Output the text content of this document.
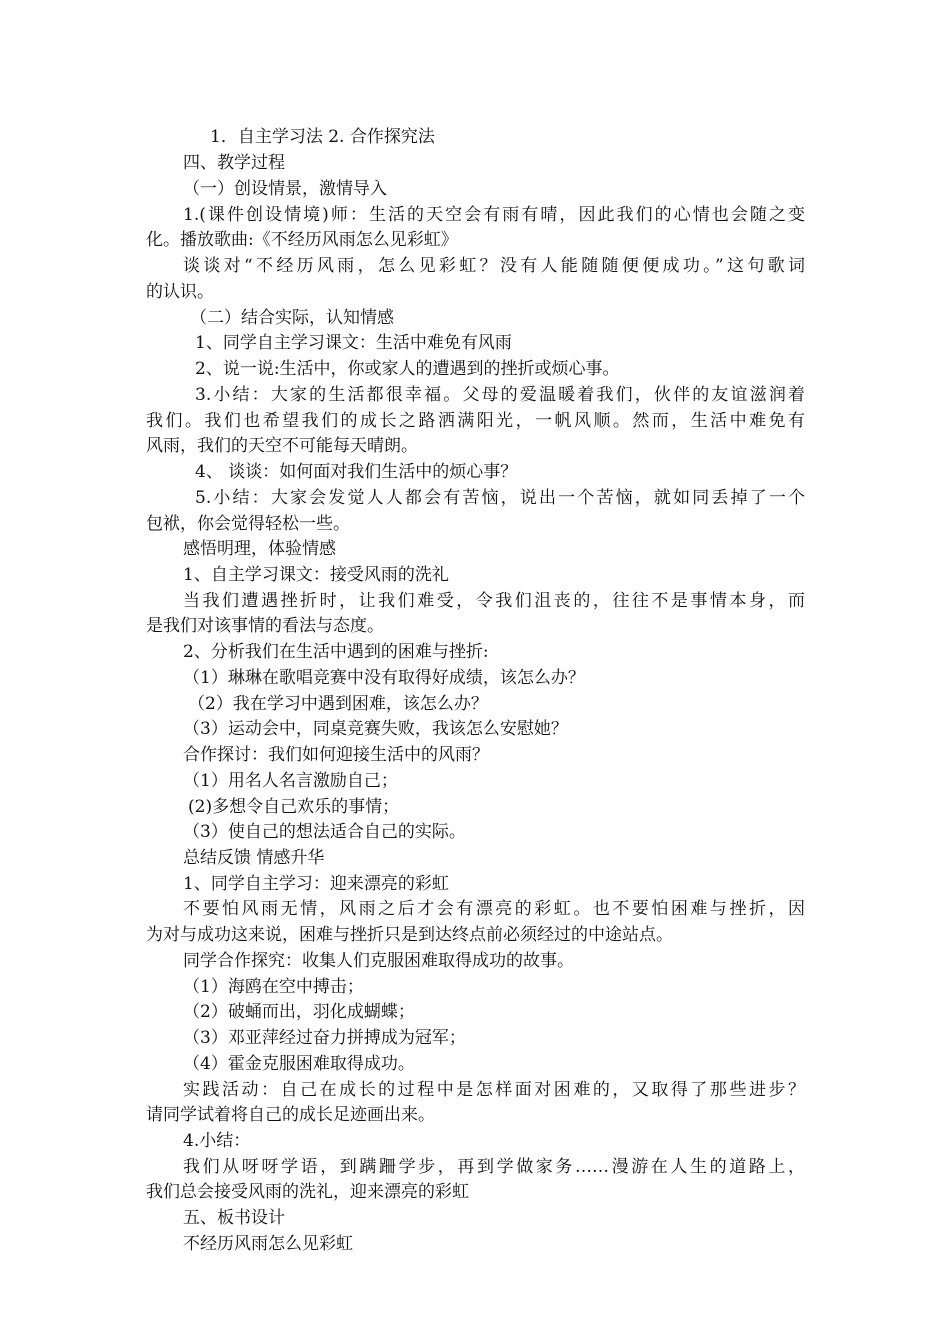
1．自主学习法 2. 合作探究法
四、教学过程
（一）创设情景，激情导入
1.(课件创设情境)师：生活的天空会有雨有晴，因此我们的心情也会随之变
化。播放歌曲:《不经历风雨怎么见彩虹》
谈谈对“不经历风雨，怎么见彩虹？没有人能随随便便成功。”这句歌词
的认识。
（二）结合实际，认知情感
1、同学自主学习课文：生活中难免有风雨
2、说一说:生活中，你或家人的遭遇到的挫折或烦心事。
3.小结：大家的生活都很幸福。父母的爱温暖着我们，伙伴的友谊滋润着
我们。我们也希望我们的成长之路洒满阳光，一帆风顺。然而，生活中难免有
风雨，我们的天空不可能每天晴朗。
4、 谈谈：如何面对我们生活中的烦心事？
5.小结：大家会发觉人人都会有苦恼，说出一个苦恼，就如同丢掉了一个
包袱，你会觉得轻松一些。
感悟明理，体验情感
1、自主学习课文：接受风雨的洗礼
当我们遭遇挫折时，让我们难受，令我们沮丧的，往往不是事情本身，而
是我们对该事情的看法与态度。
2、分析我们在生活中遇到的困难与挫折:
（1）琳琳在歌唱竞赛中没有取得好成绩，该怎么办？
（2）我在学习中遇到困难，该怎么办？
（3）运动会中，同桌竞赛失败，我该怎么安慰她？
合作探讨：我们如何迎接生活中的风雨？
（1）用名人名言激励自己；
(2)多想令自己欢乐的事情；
（3）使自己的想法适合自己的实际。
总结反馈 情感升华
1、同学自主学习：迎来漂亮的彩虹
不要怕风雨无情，风雨之后才会有漂亮的彩虹。也不要怕困难与挫折，因
为对与成功这来说，困难与挫折只是到达终点前必须经过的中途站点。
同学合作探究：收集人们克服困难取得成功的故事。
（1）海鸥在空中搏击；
（2）破蛹而出，羽化成蝴蝶；
（3）邓亚萍经过奋力拼搏成为冠军；
（4）霍金克服困难取得成功。
实践活动：自己在成长的过程中是怎样面对困难的，又取得了那些进步？
请同学试着将自己的成长足迹画出来。
4.小结：
我们从呀呀学语，到蹒跚学步，再到学做家务……漫游在人生的道路上，
我们总会接受风雨的洗礼，迎来漂亮的彩虹
五、板书设计
不经历风雨怎么见彩虹
